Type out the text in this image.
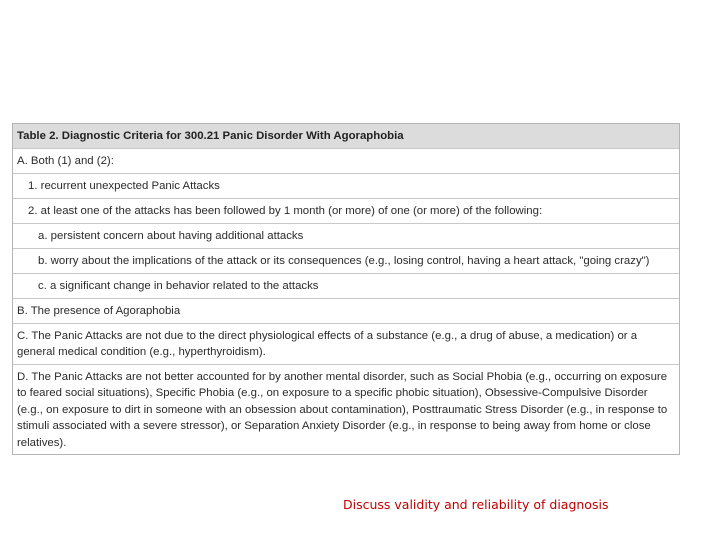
Table 2. Diagnostic Criteria for 300.21 Panic Disorder With Agoraphobia
A. Both (1) and (2):
1. recurrent unexpected Panic Attacks
2. at least one of the attacks has been followed by 1 month (or more) of one (or more) of the following:
a. persistent concern about having additional attacks
b. worry about the implications of the attack or its consequences (e.g., losing control, having a heart attack, "going crazy")
c. a significant change in behavior related to the attacks
B. The presence of Agoraphobia
C. The Panic Attacks are not due to the direct physiological effects of a substance (e.g., a drug of abuse, a medication) or a general medical condition (e.g., hyperthyroidism).
D. The Panic Attacks are not better accounted for by another mental disorder, such as Social Phobia (e.g., occurring on exposure to feared social situations), Specific Phobia (e.g., on exposure to a specific phobic situation), Obsessive-Compulsive Disorder (e.g., on exposure to dirt in someone with an obsession about contamination), Posttraumatic Stress Disorder (e.g., in response to stimuli associated with a severe stressor), or Separation Anxiety Disorder (e.g., in response to being away from home or close relatives).
Discuss validity and reliability of diagnosis
